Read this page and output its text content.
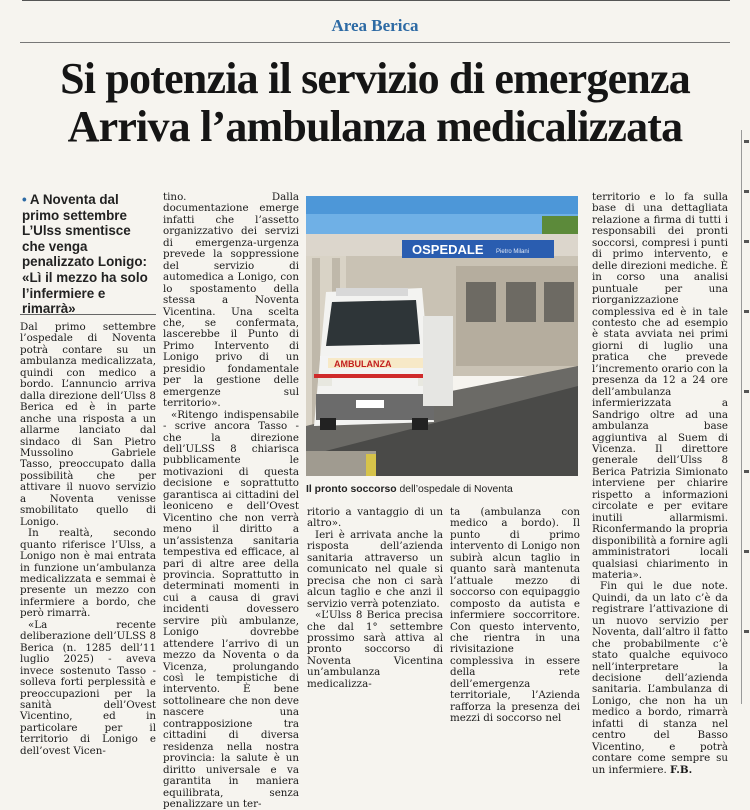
Area Berica
Si potenzia il servizio di emergenza
Arriva l’ambulanza medicalizzata
• A Noventa dal primo settembre L’Ulss smentisce che venga penalizzato Lonigo: «Lì il mezzo ha solo l’infermiere e rimarrà»

Dal primo settembre l’ospedale di Noventa potrà contare su un ambulanza medicalizzata, quindi con medico a bordo. L’annuncio arriva dalla direzione dell’Ulss 8 Berica ed è in parte anche una risposta a un allarme lanciato dal sindaco di San Pietro Mussolino Gabriele Tasso, preoccupato dalla possibilità che per attivare il nuovo servizio a Noventa venisse smobilitato quello di Lonigo.

In realtà, secondo quanto riferisce l’Ulss, a Lonigo non è mai entrata in funzione un’ambulanza medicalizzata e semmai è presente un mezzo con infermiere a bordo, che però rimarrà.

«La recente deliberazione dell’ULSS 8 Berica (n. 1285 dell’11 luglio 2025) - aveva invece sostenuto Tasso - solleva forti perplessità e preoccupazioni per la sanità dell’Ovest Vicentino, ed in particolare per il territorio di Lonigo e dell’ovest Vicen-

tino. Dalla documentazione emerge infatti che l’assetto organizzativo dei servizi di emergenza-urgenza prevede la soppressione del servizio di automedica a Lonigo, con lo spostamento della stessa a Noventa Vicentina. Una scelta che, se confermata, lascerebbe il Punto di Primo Intervento di Lonigo privo di un presidio fondamentale per la gestione delle emergenze sul territorio».

«Ritengo indispensabile - scrive ancora Tasso - che la direzione dell’ULSS 8 chiarisca pubblicamente le motivazioni di questa decisione e soprattutto garantisca ai cittadini del leoniceno e dell’Ovest Vicentino che non verrà meno il diritto a un’assistenza sanitaria tempestiva ed efficace, al pari di altre aree della provincia. Soprattutto in determinati momenti in cui a causa di gravi incidenti dovessero servire più ambulanze, Lonigo dovrebbe attendere l’arrivo di un mezzo da Noventa o da Vicenza, prolungando così le tempistiche di intervento. È bene sottolineare che non deve nascere una contrapposizione tra cittadini di diversa residenza nella nostra provincia: la salute è un diritto universale e va garantita in maniera equilibrata, senza penalizzare un ter-

OSPEDALE Pietro Milani
AMBULANZA
Il pronto soccorso dell’ospedale di Noventa

ritorio a vantaggio di un altro».

Ieri è arrivata anche la risposta dell’azienda sanitaria attraverso un comunicato nel quale si precisa che non ci sarà alcun taglio e che anzi il servizio verrà potenziato.

«L’Ulss 8 Berica precisa che dal 1° settembre prossimo sarà attiva al pronto soccorso di Noventa Vicentina un’ambulanza medicalizza-

ta (ambulanza con medico a bordo). Il punto di primo intervento di Lonigo non subirà alcun taglio in quanto sarà mantenuta l’attuale mezzo di soccorso con equipaggio composto da autista e infermiere soccorritore. Con questo intervento, che rientra in una rivisitazione complessiva in essere della rete dell’emergenza territoriale, l’Azienda rafforza la presenza dei mezzi di soccorso nel

territorio e lo fa sulla base di una dettagliata relazione a firma di tutti i responsabili dei pronti soccorsi, compresi i punti di primo intervento, e delle direzioni mediche. È in corso una analisi puntuale per una riorganizzazione complessiva ed è in tale contesto che ad esempio è stata avviata nei primi giorni di luglio una pratica che prevede l’incremento orario con la presenza da 12 a 24 ore dell’ambulanza infermierizzata a Sandrigo oltre ad una ambulanza base aggiuntiva al Suem di Vicenza. Il direttore generale dell’Ulss 8 Berica Patrizia Simionato interviene per chiarire rispetto a informazioni circolate e per evitare inutili allarmismi. Riconfermando la propria disponibilità a fornire agli amministratori locali qualsiasi chiarimento in materia».

Fin qui le due note. Quindi, da un lato c’è da registrare l’attivazione di un nuovo servizio per Noventa, dall’altro il fatto che probabilmente c’è stato qualche equivoco nell’interpretare la decisione dell’azienda sanitaria. L’ambulanza di Lonigo, che non ha un medico a bordo, rimarrà infatti di stanza nel centro del Basso Vicentino, e potrà contare come sempre su un infermiere. F.B.
